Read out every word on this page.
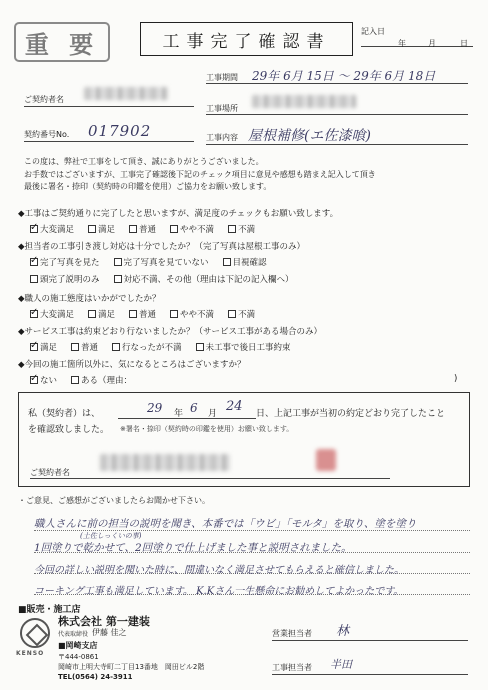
重 要	工事完了確認書	記入日
年	月	日
ご契約者名
契約番号No. 017902
工事期間 29年 6月 15日 ～ 29年 6月 18日
工事場所
工事内容 屋根補修(エ佐漆喰)
この度は、弊社で工事をして頂き、誠にありがとうございました。
お手数ではございますが、工事完了確認後下記のチェック項目に意見や感想も踏まえ記入して頂き
最後に署名・捺印（契約時の印鑑を使用）ご協力をお願い致します。
◆工事はご契約通りに完了したと思いますが、満足度のチェックもお願い致します。
✓大変満足	満足	普通	やや不満	不満
◆担当者の工事引き渡し対応は十分でしたか？（完了写真は屋根工事のみ）
✓完了写真を見た	完了写真を見ていない	目視確認
頭完了説明のみ	対応不満、その他（理由は下記の記入欄へ）
◆職人の施工態度はいかがでしたか？
✓大変満足	満足	普通	やや不満	不満
◆サービス工事は約束どおり行ないましたか？（サービス工事がある場合のみ）
✓満足	普通	行なったが不満	未工事で後日工事約束
◆今回の施工箇所以外に、気になるところはございますか？
✓ない	ある（理由：	)
私（契約者）は、	29 年 6 月 24 日、上記工事が当初の約定どおり完了したこと
を確認致しました。 ※署名・捺印（契約時の印鑑を使用）お願い致します。
ご契約者名
・ご意見、ご感想がございましたらお聞かせ下さい。
職人さんに前の担当の説明を聞き、本番では「ウビ」「モルタ」を取り、塗を塗り
(土佐しっくいの事)
1回塗りで乾かせて、2回塗りで仕上げました事と説明されました。
今回の詳しい説明を聞いた時に、間違いなく満足させてもらえると確信しました。
コーキング工事も満足しています。 K.Kさん一生懸命にお勧めしてよかったです。
■販売・施工店
KENSO
株式会社 第一建装
代表取締役 伊藤 佳之
■岡崎支店
〒444-0861
岡崎市上明大寺町二丁目13番地　岡田ビル2階
TEL(0564) 24-3911
営業担当者 林
工事担当者 半田
